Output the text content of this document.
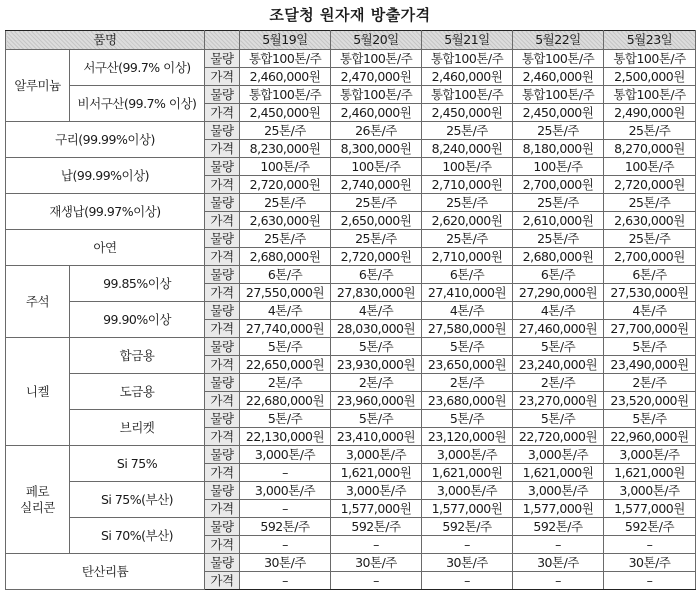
조달청 원자재 방출가격
품명			5월19일	5월20일	5월21일	5월22일	5월23일
알루미늄	서구산(99.7% 이상)	물량	통합100톤/주	통합100톤/주	통합100톤/주	통합100톤/주	통합100톤/주
		가격	2,460,000원	2,470,000원	2,460,000원	2,460,000원	2,500,000원
	비서구산(99.7% 이상)	물량	통합100톤/주	통합100톤/주	통합100톤/주	통합100톤/주	통합100톤/주
		가격	2,450,000원	2,460,000원	2,450,000원	2,450,000원	2,490,000원
구리(99.99%이상)		물량	25톤/주	26톤/주	25톤/주	25톤/주	25톤/주
		가격	8,230,000원	8,300,000원	8,240,000원	8,180,000원	8,270,000원
납(99.99%이상)		물량	100톤/주	100톤/주	100톤/주	100톤/주	100톤/주
		가격	2,720,000원	2,740,000원	2,710,000원	2,700,000원	2,720,000원
재생납(99.97%이상)		물량	25톤/주	25톤/주	25톤/주	25톤/주	25톤/주
		가격	2,630,000원	2,650,000원	2,620,000원	2,610,000원	2,630,000원
아연		물량	25톤/주	25톤/주	25톤/주	25톤/주	25톤/주
		가격	2,680,000원	2,720,000원	2,710,000원	2,680,000원	2,700,000원
주석	99.85%이상	물량	6톤/주	6톤/주	6톤/주	6톤/주	6톤/주
		가격	27,550,000원	27,830,000원	27,410,000원	27,290,000원	27,530,000원
	99.90%이상	물량	4톤/주	4톤/주	4톤/주	4톤/주	4톤/주
		가격	27,740,000원	28,030,000원	27,580,000원	27,460,000원	27,700,000원
니켈	합금용	물량	5톤/주	5톤/주	5톤/주	5톤/주	5톤/주
		가격	22,650,000원	23,930,000원	23,650,000원	23,240,000원	23,490,000원
	도금용	물량	2톤/주	2톤/주	2톤/주	2톤/주	2톤/주
		가격	22,680,000원	23,960,000원	23,680,000원	23,270,000원	23,520,000원
	브리켓	물량	5톤/주	5톤/주	5톤/주	5톤/주	5톤/주
		가격	22,130,000원	23,410,000원	23,120,000원	22,720,000원	22,960,000원
페로
실리콘	Si 75%	물량	3,000톤/주	3,000톤/주	3,000톤/주	3,000톤/주	3,000톤/주
		가격	–	1,621,000원	1,621,000원	1,621,000원	1,621,000원
	Si 75%(부산)	물량	3,000톤/주	3,000톤/주	3,000톤/주	3,000톤/주	3,000톤/주
		가격	–	1,577,000원	1,577,000원	1,577,000원	1,577,000원
	Si 70%(부산)	물량	592톤/주	592톤/주	592톤/주	592톤/주	592톤/주
		가격	–	–	–	–	–
탄산리튬		물량	30톤/주	30톤/주	30톤/주	30톤/주	30톤/주
		가격	–	–	–	–	–
